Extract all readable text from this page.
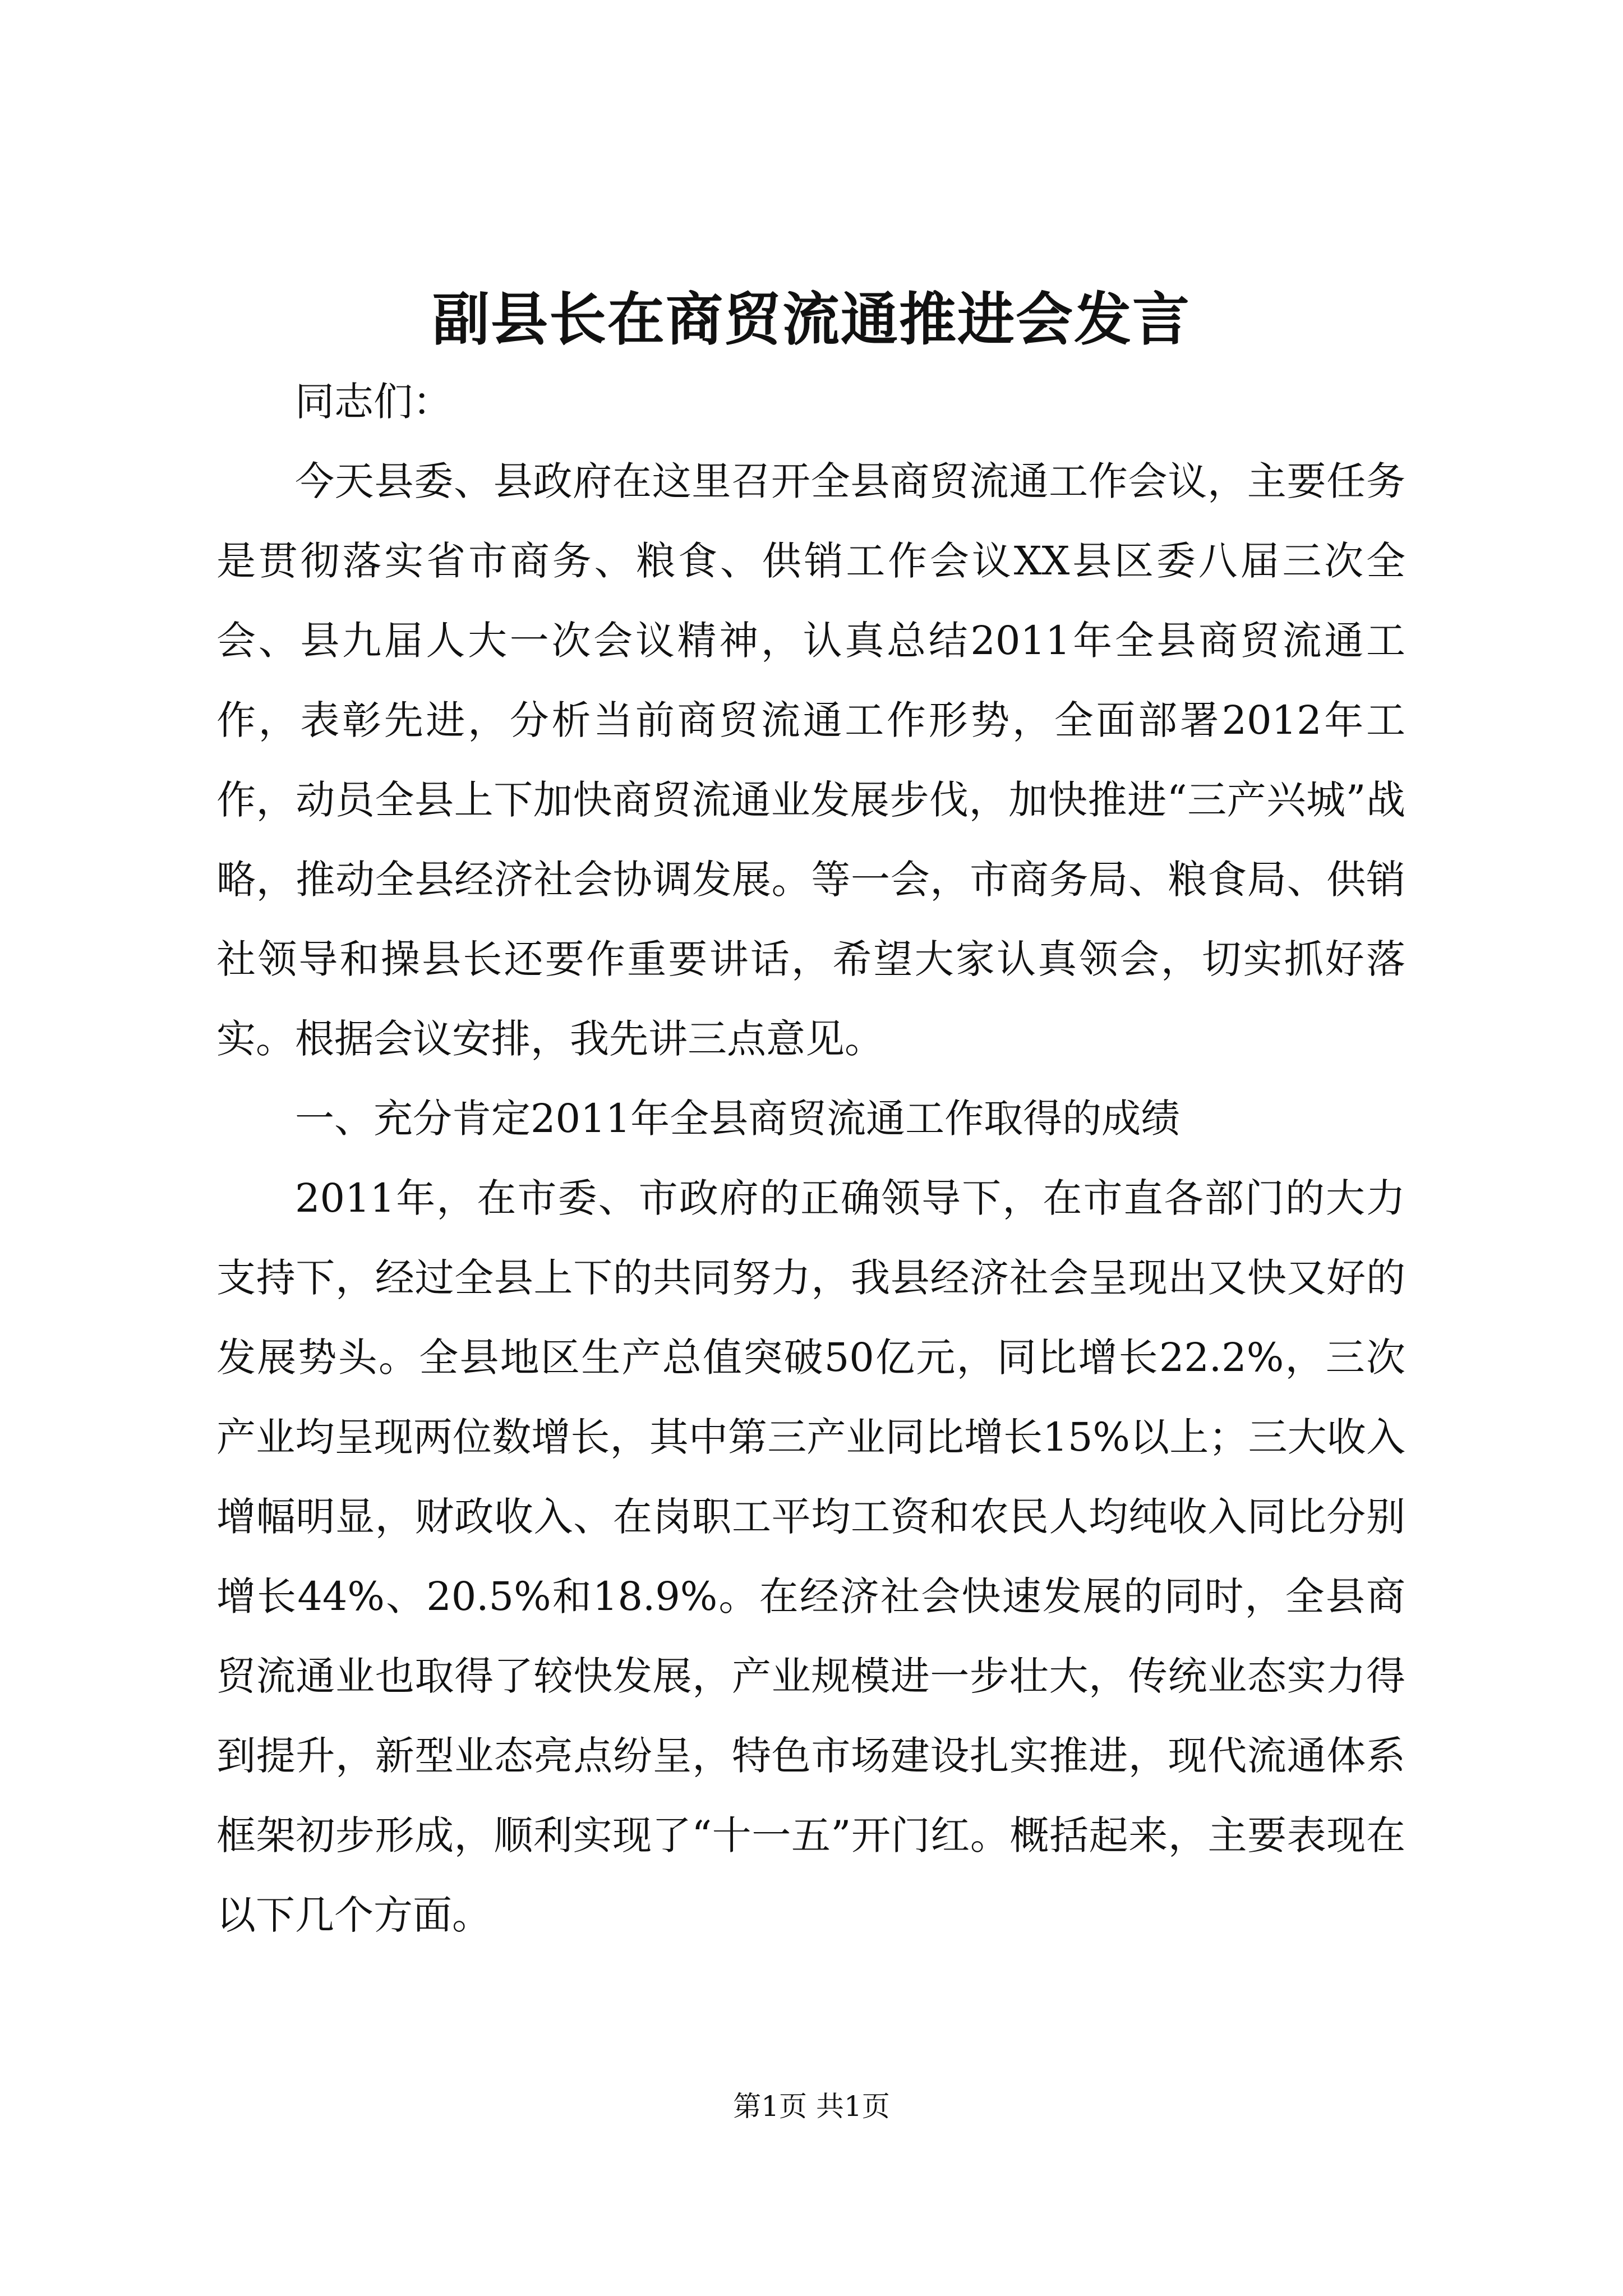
副县长在商贸流通推进会发言

同志们：

今天县委、县政府在这里召开全县商贸流通工作会议，主要任务是贯彻落实省市商务、粮食、供销工作会议XX县区委八届三次全会、县九届人大一次会议精神，认真总结2011年全县商贸流通工作，表彰先进，分析当前商贸流通工作形势，全面部署2012年工作，动员全县上下加快商贸流通业发展步伐，加快推进“三产兴城”战略，推动全县经济社会协调发展。等一会，市商务局、粮食局、供销社领导和操县长还要作重要讲话，希望大家认真领会，切实抓好落实。根据会议安排，我先讲三点意见。

一、充分肯定2011年全县商贸流通工作取得的成绩

2011年，在市委、市政府的正确领导下，在市直各部门的大力支持下，经过全县上下的共同努力，我县经济社会呈现出又快又好的发展势头。全县地区生产总值突破50亿元，同比增长22.2%，三次产业均呈现两位数增长，其中第三产业同比增长15%以上；三大收入增幅明显，财政收入、在岗职工平均工资和农民人均纯收入同比分别增长44%、20.5%和18.9%。在经济社会快速发展的同时，全县商贸流通业也取得了较快发展，产业规模进一步壮大，传统业态实力得到提升，新型业态亮点纷呈，特色市场建设扎实推进，现代流通体系框架初步形成，顺利实现了“十一五”开门红。概括起来，主要表现在以下几个方面。

第1页 共1页
